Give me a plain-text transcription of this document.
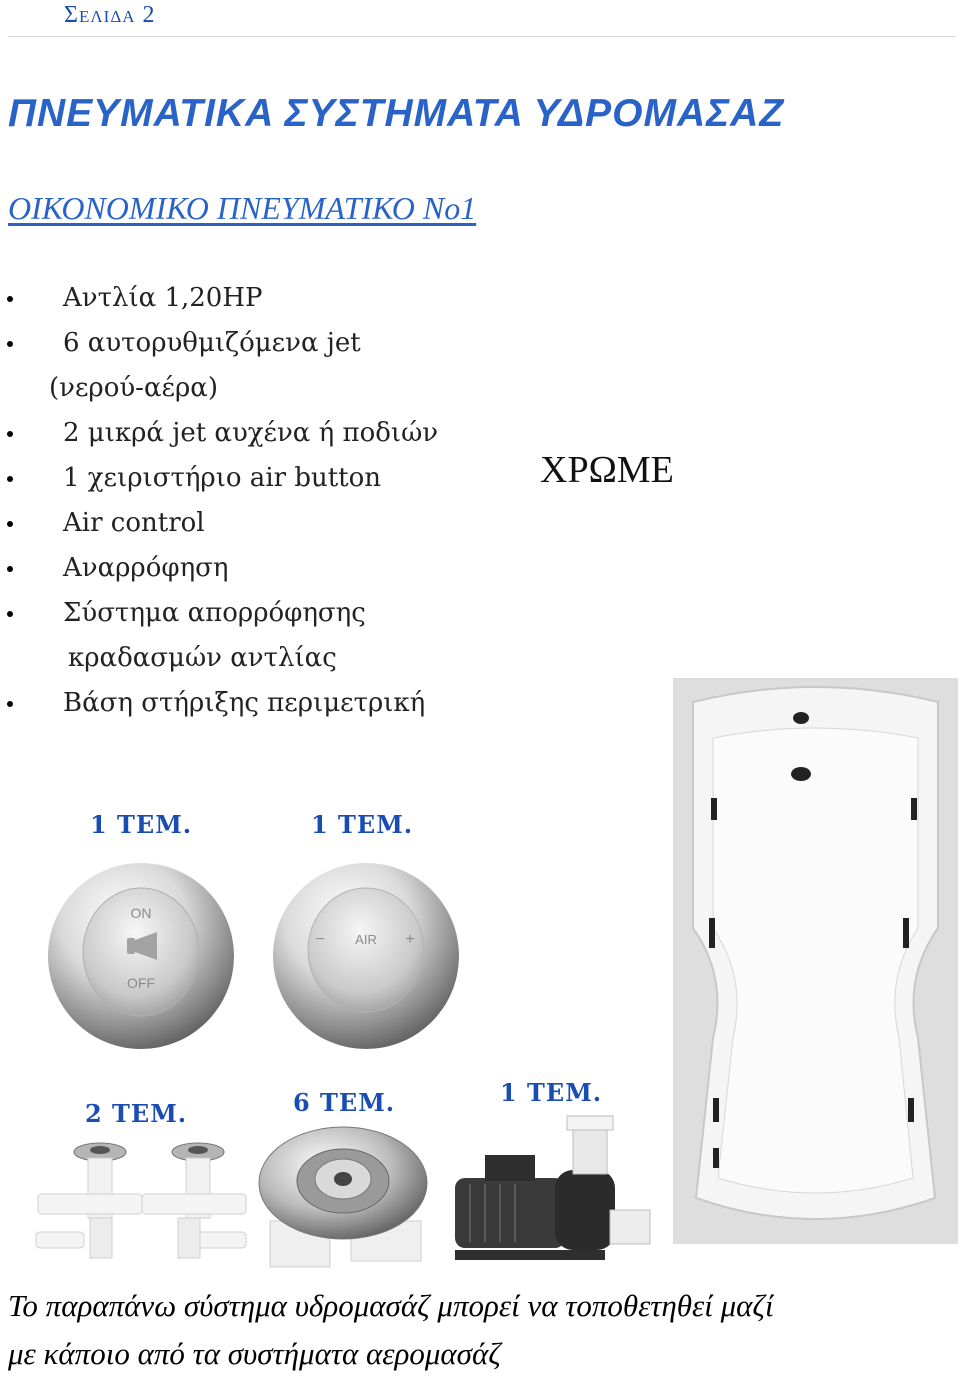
Σελιδα 2
ΠΝΕΥΜΑΤΙΚΑ ΣΥΣΤΗΜΑΤΑ ΥΔΡΟΜΑΣΑΖ
ΟΙΚΟΝΟΜΙΚΟ ΠΝΕΥΜΑΤΙΚΟ Νο1
Αντλία 1,20HP
6 αυτορυθμιζόμενα jet
(νερού-αέρα)
2 μικρά jet αυχένα ή ποδιών
1 χειριστήριο air button
Air control
Αναρρόφηση
Σύστημα απορρόφησης
κραδασμών αντλίας
Βάση στήριξης περιμετρική
ΧΡΩΜΕ
1 ΤΕΜ.	1 ΤΕΜ.
2 ΤΕΜ.	6 ΤΕΜ.	1 ΤΕΜ.
ON
OFF
− AIR +
Το παραπάνω σύστημα υδρομασάζ μπορεί να τοποθετηθεί μαζί
με κάποιο από τα συστήματα αερομασάζ
